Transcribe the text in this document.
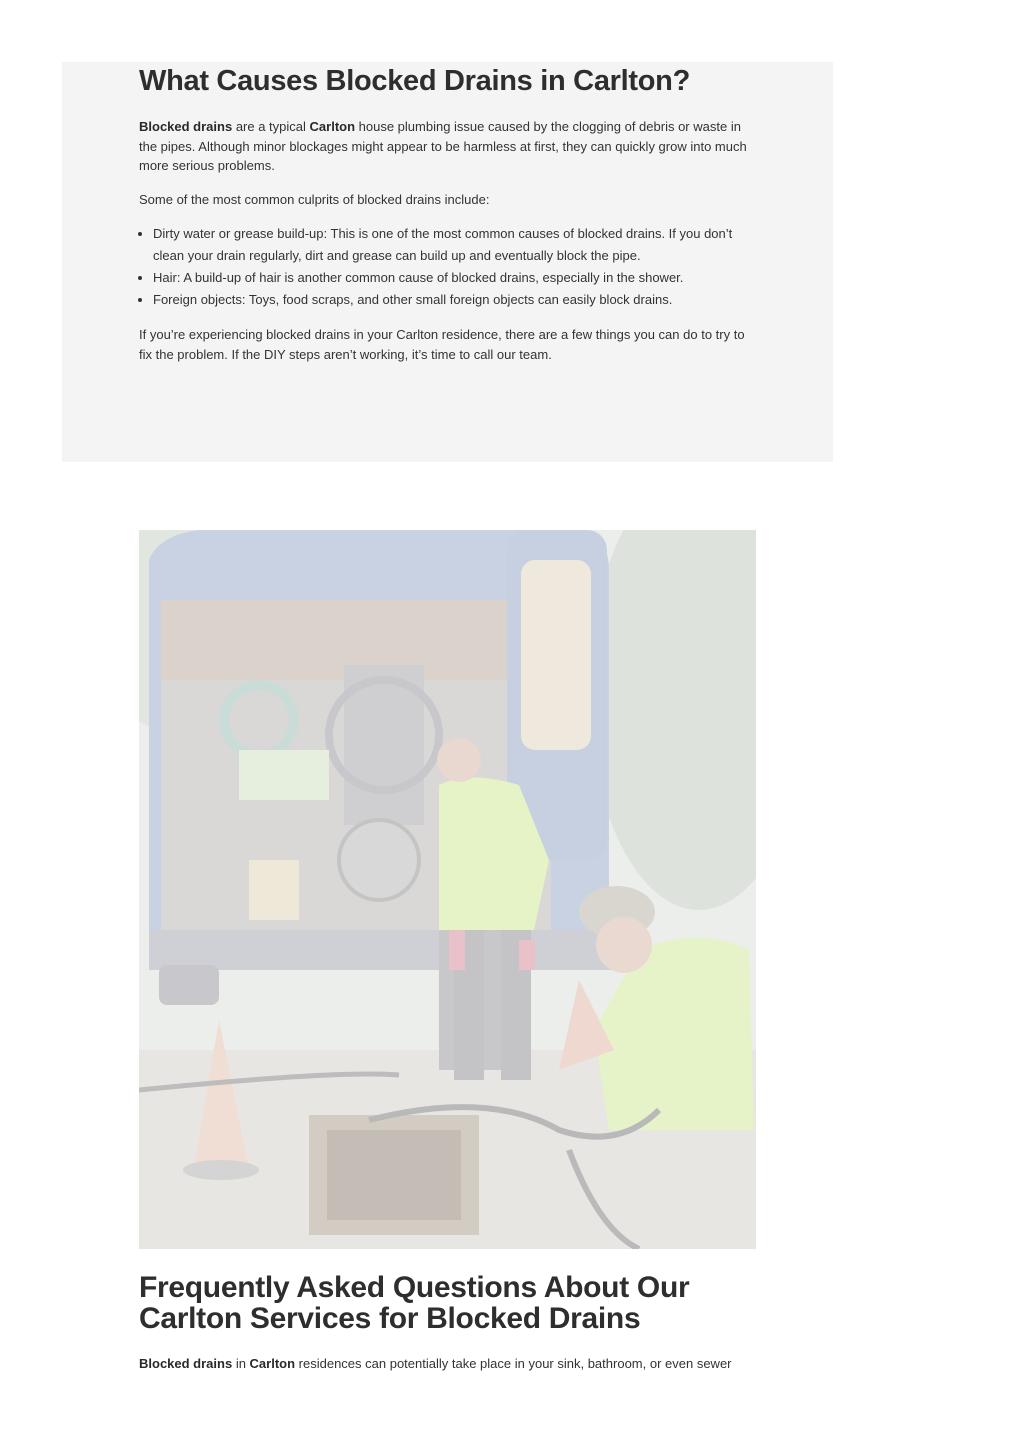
What Causes Blocked Drains in Carlton?

Blocked drains are a typical Carlton house plumbing issue caused by the clogging of debris or waste in the pipes. Although minor blockages might appear to be harmless at first, they can quickly grow into much more serious problems.

Some of the most common culprits of blocked drains include:

• Dirty water or grease build-up: This is one of the most common causes of blocked drains. If you don’t clean your drain regularly, dirt and grease can build up and eventually block the pipe.
• Hair: A build-up of hair is another common cause of blocked drains, especially in the shower.
• Foreign objects: Toys, food scraps, and other small foreign objects can easily block drains.

If you’re experiencing blocked drains in your Carlton residence, there are a few things you can do to try to fix the problem. If the DIY steps aren’t working, it’s time to call our team.

Frequently Asked Questions About Our Carlton Services for Blocked Drains

Blocked drains in Carlton residences can potentially take place in your sink, bathroom, or even sewer
